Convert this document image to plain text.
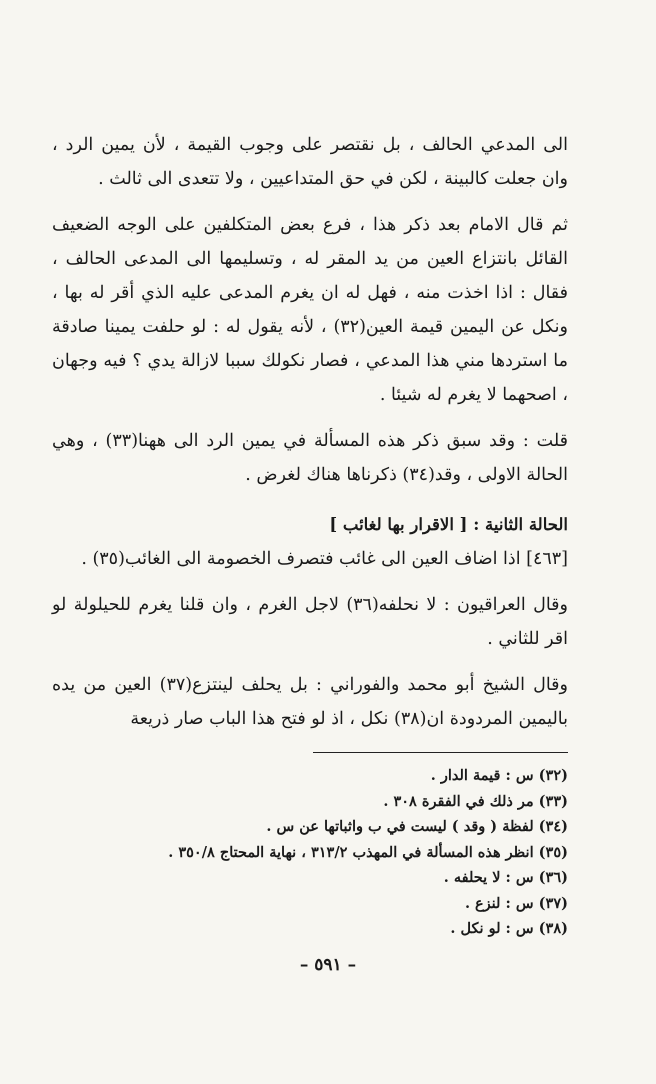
الى المدعي الحالف ، بل نقتصر على وجوب القيمة ، لأن يمين الرد ، وان جعلت كالبينة ، لكن في حق المتداعيين ، ولا تتعدى الى ثالث .

ثم قال الامام بعد ذكر هذا ، فرع بعض المتكلفين على الوجه الضعيف القائل بانتزاع العين من يد المقر له ، وتسليمها الى المدعى الحالف ، فقال : اذا اخذت منه ، فهل له ان يغرم المدعى عليه الذي أقر له بها ، ونكل عن اليمين قيمة العين(٣٢) ، لأنه يقول له : لو حلفت يمينا صادقة ما استردها مني هذا المدعي ، فصار نكولك سببا لازالة يدي ؟ فيه وجهان ، اصحهما لا يغرم له شيئا .

قلت : وقد سبق ذكر هذه المسألة في يمين الرد الى ههنا(٣٣) ، وهي الحالة الاولى ، وقد(٣٤) ذكرناها هناك لغرض .

الحالة الثانية : [ الاقرار بها لغائب ]

[٤٦٣] اذا اضاف العين الى غائب فتصرف الخصومة الى الغائب(٣٥) .

وقال العراقيون : لا نحلفه(٣٦) لاجل الغرم ، وان قلنا يغرم للحيلولة لو اقر للثاني .

وقال الشيخ أبو محمد والفوراني : بل يحلف لينتزع(٣٧) العين من يده باليمين المردودة ان(٣٨) نكل ، اذ لو فتح هذا الباب صار ذريعة

(٣٢) س : قيمة الدار .
(٣٣) مر ذلك في الفقرة ٣٠٨ .
(٣٤) لفظة ( وقد ) ليست في ب واثباتها عن س .
(٣٥) انظر هذه المسألة في المهذب ٣١٣/٢ ، نهاية المحتاج ٣٥٠/٨ .
(٣٦) س : لا يحلفه .
(٣٧) س : لنزع .
(٣٨) س : لو نكل .
– ٥٩١ –
